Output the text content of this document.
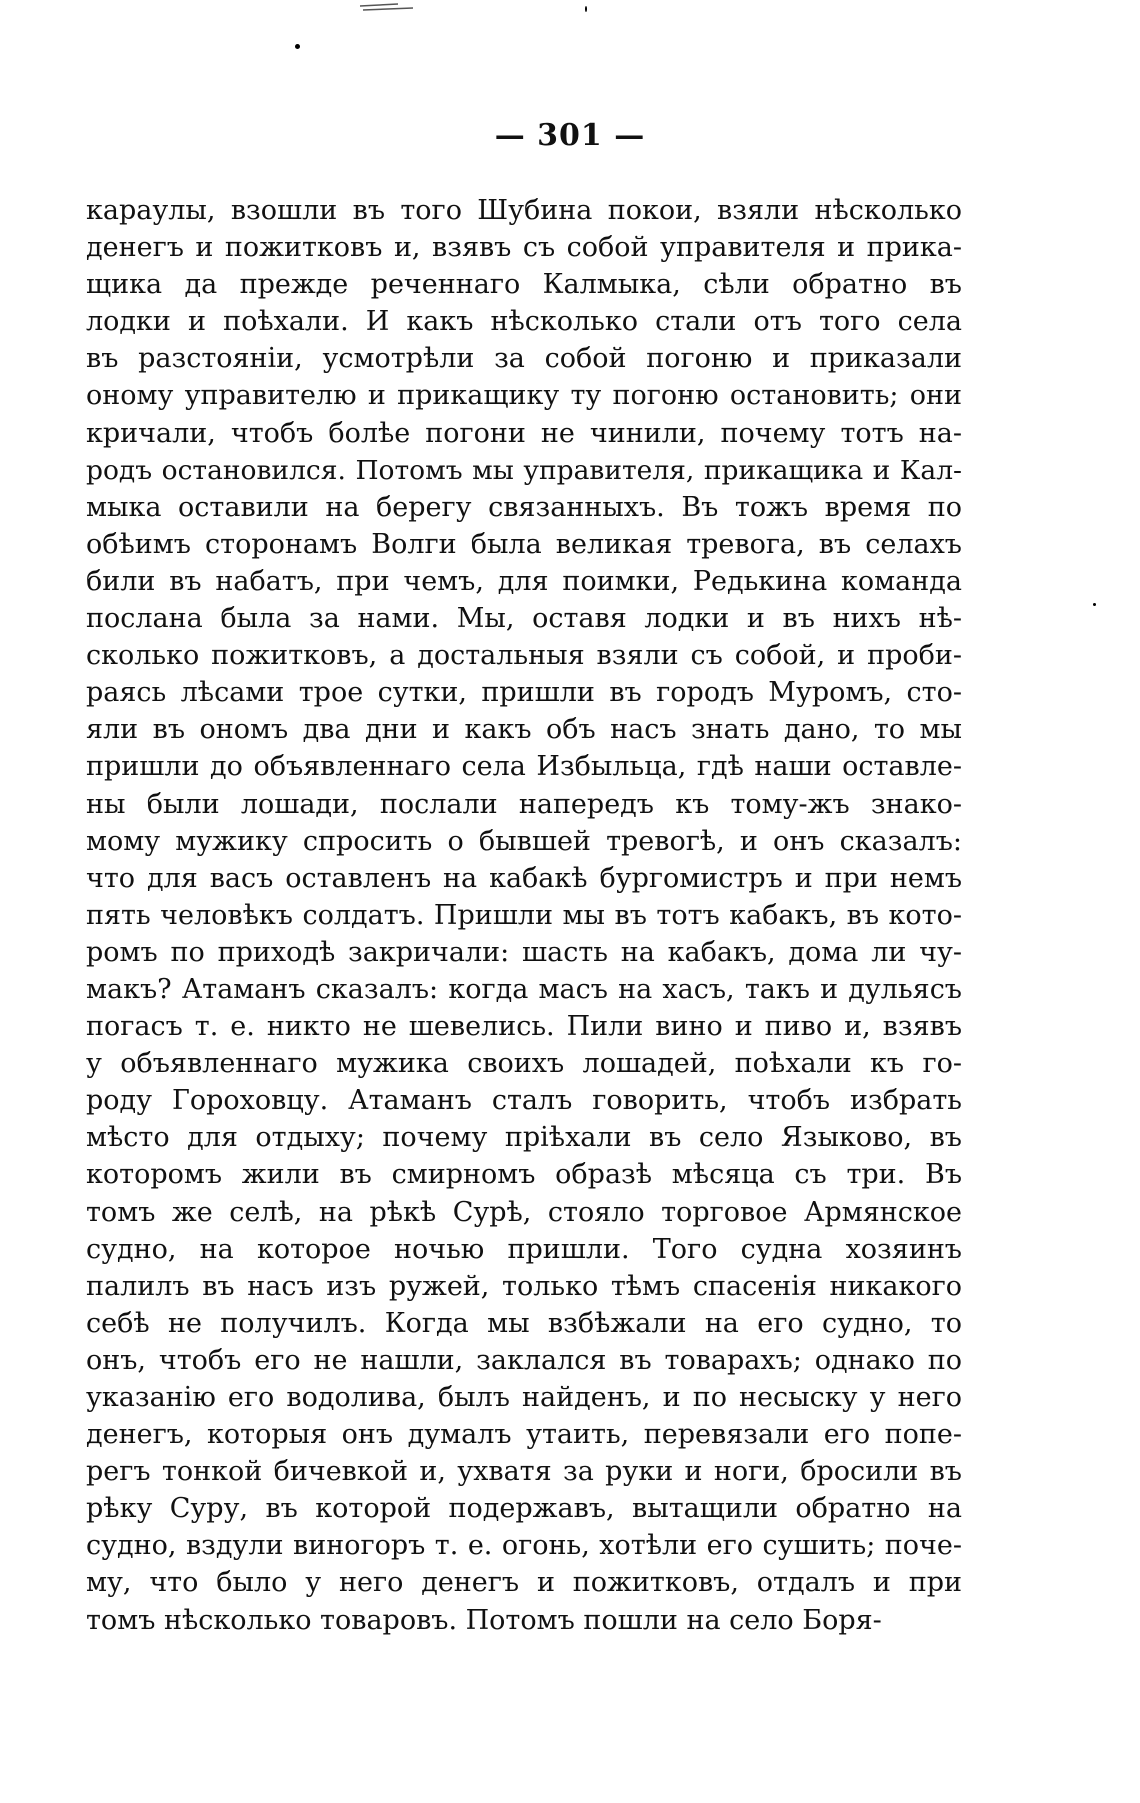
— 301 —
караулы, взошли въ того Шубина покои, взяли нѣсколько
денегъ и пожитковъ и, взявъ съ собой управителя и прика-
щика да прежде реченнаго Калмыка, сѣли обратно въ
лодки и поѣхали. И какъ нѣсколько стали отъ того села
въ разстоянiи, усмотрѣли за собой погоню и приказали
оному управителю и прикащику ту погоню остановить; они
кричали, чтобъ болѣе погони не чинили, почему тотъ на-
родъ остановился. Потомъ мы управителя, прикащика и Кал-
мыка оставили на берегу связанныхъ. Въ тожъ время по
обѣимъ сторонамъ Волги была великая тревога, въ селахъ
били въ набатъ, при чемъ, для поимки, Редькина команда
послана была за нами. Мы, оставя лодки и въ нихъ нѣ-
сколько пожитковъ, а достальныя взяли съ собой, и проби-
раясь лѣсами трое сутки, пришли въ городъ Муромъ, сто-
яли въ ономъ два дни и какъ объ насъ знать дано, то мы
пришли до объявленнаго села Избыльца, гдѣ наши оставле-
ны были лошади, послали напередъ къ тому-жъ знако-
мому мужику спросить о бывшей тревогѣ, и онъ сказалъ:
что для васъ оставленъ на кабакѣ бургомистръ и при немъ
пять человѣкъ солдатъ. Пришли мы въ тотъ кабакъ, въ кото-
ромъ по приходѣ закричали: шасть на кабакъ, дома ли чу-
макъ? Атаманъ сказалъ: когда масъ на хасъ, такъ и дульясъ
погасъ т. е. никто не шевелись. Пили вино и пиво и, взявъ
у объявленнаго мужика своихъ лошадей, поѣхали къ го-
роду Гороховцу. Атаманъ сталъ говорить, чтобъ избрать
мѣсто для отдыху; почему прiѣхали въ село Языково, въ
которомъ жили въ смирномъ образѣ мѣсяца съ три. Въ
томъ же селѣ, на рѣкѣ Сурѣ, стояло торговое Армянское
судно, на которое ночью пришли. Того судна хозяинъ
палилъ въ насъ изъ ружей, только тѣмъ спасенiя никакого
себѣ не получилъ. Когда мы взбѣжали на его судно, то
онъ, чтобъ его не нашли, заклался въ товарахъ; однако по
указанiю его водолива, былъ найденъ, и по несыску у него
денегъ, которыя онъ думалъ утаить, перевязали его попе-
регъ тонкой бичевкой и, ухватя за руки и ноги, бросили въ
рѣку Суру, въ которой подержавъ, вытащили обратно на
судно, вздули виногоръ т. е. огонь, хотѣли его сушить; поче-
му, что было у него денегъ и пожитковъ, отдалъ и при
томъ нѣсколько товаровъ. Потомъ пошли на село Боря-
